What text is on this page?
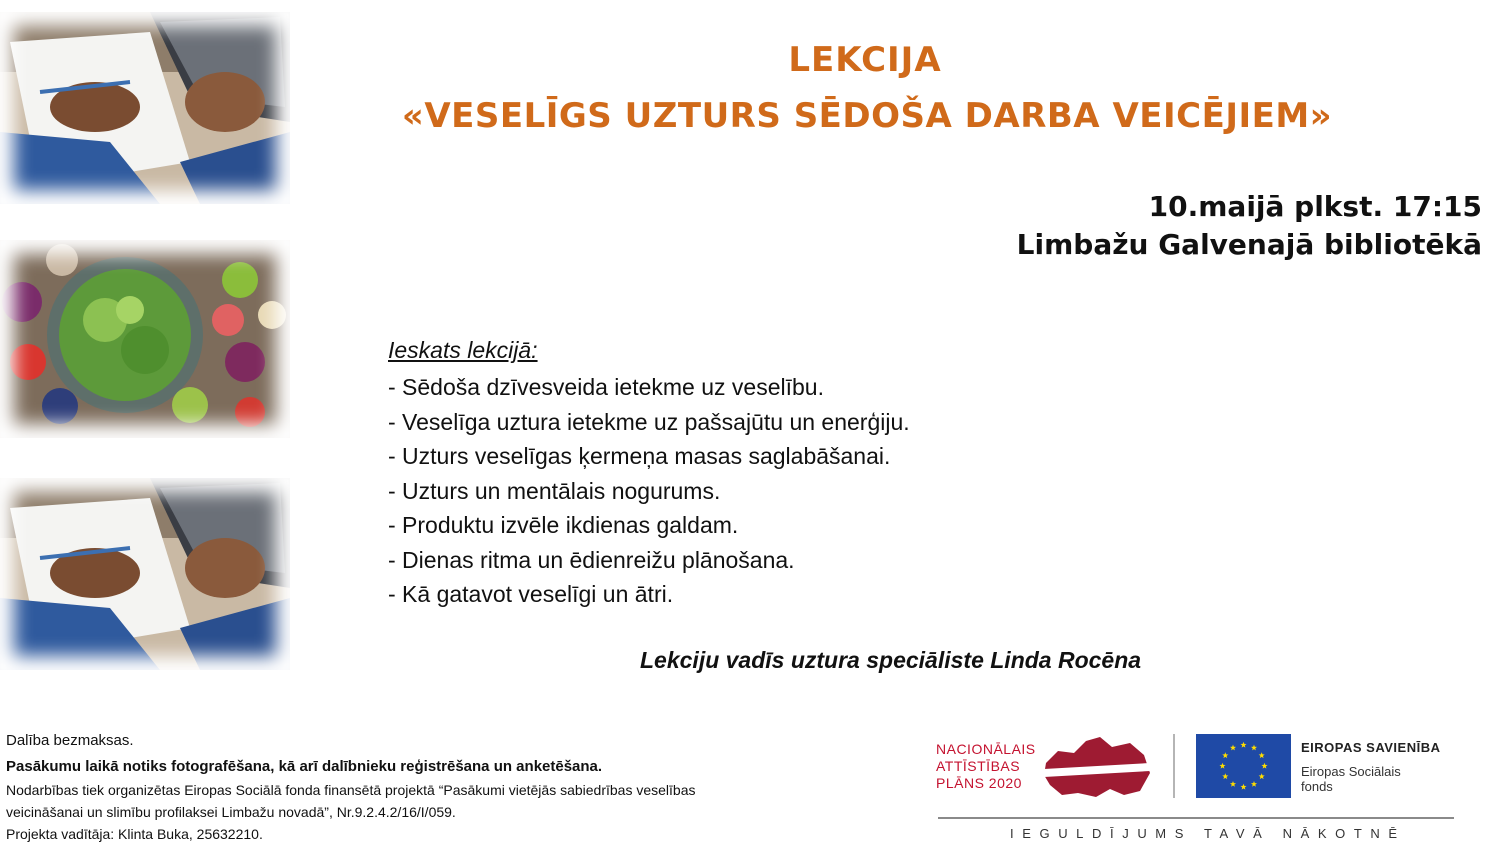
LEKCIJA
«VESELĪGS UZTURS SĒDOŠA DARBA VEICĒJIEM»
10.maijā plkst. 17:15
Limbažu Galvenajā bibliotēkā
Ieskats lekcijā:
- Sēdoša dzīvesveida ietekme uz veselību.
- Veselīga uztura ietekme uz pašsajūtu un enerģiju.
- Uzturs veselīgas ķermeņa masas saglabāšanai.
- Uzturs un mentālais nogurums.
- Produktu izvēle ikdienas galdam.
- Dienas ritma un ēdienreižu plānošana.
- Kā gatavot veselīgi un ātri.
Lekciju vadīs uztura speciāliste Linda Rocēna
Dalība bezmaksas.
Pasākumu laikā notiks fotografēšana, kā arī dalībnieku reģistrēšana un anketēšana.
Nodarbības tiek organizētas Eiropas Sociālā fonda finansētā projektā “Pasākumi vietējās sabiedrības veselības
veicināšanai un slimību profilaksei Limbažu novadā”, Nr.9.2.4.2/16/I/059.
Projekta vadītāja: Klinta Buka, 25632210.
NACIONĀLAIS
ATTĪSTĪBAS
PLĀNS 2020
EIROPAS SAVIENĪBA
Eiropas Sociālais
fonds
IEGULDĪJUMS TAVĀ NĀKOTNĒ
